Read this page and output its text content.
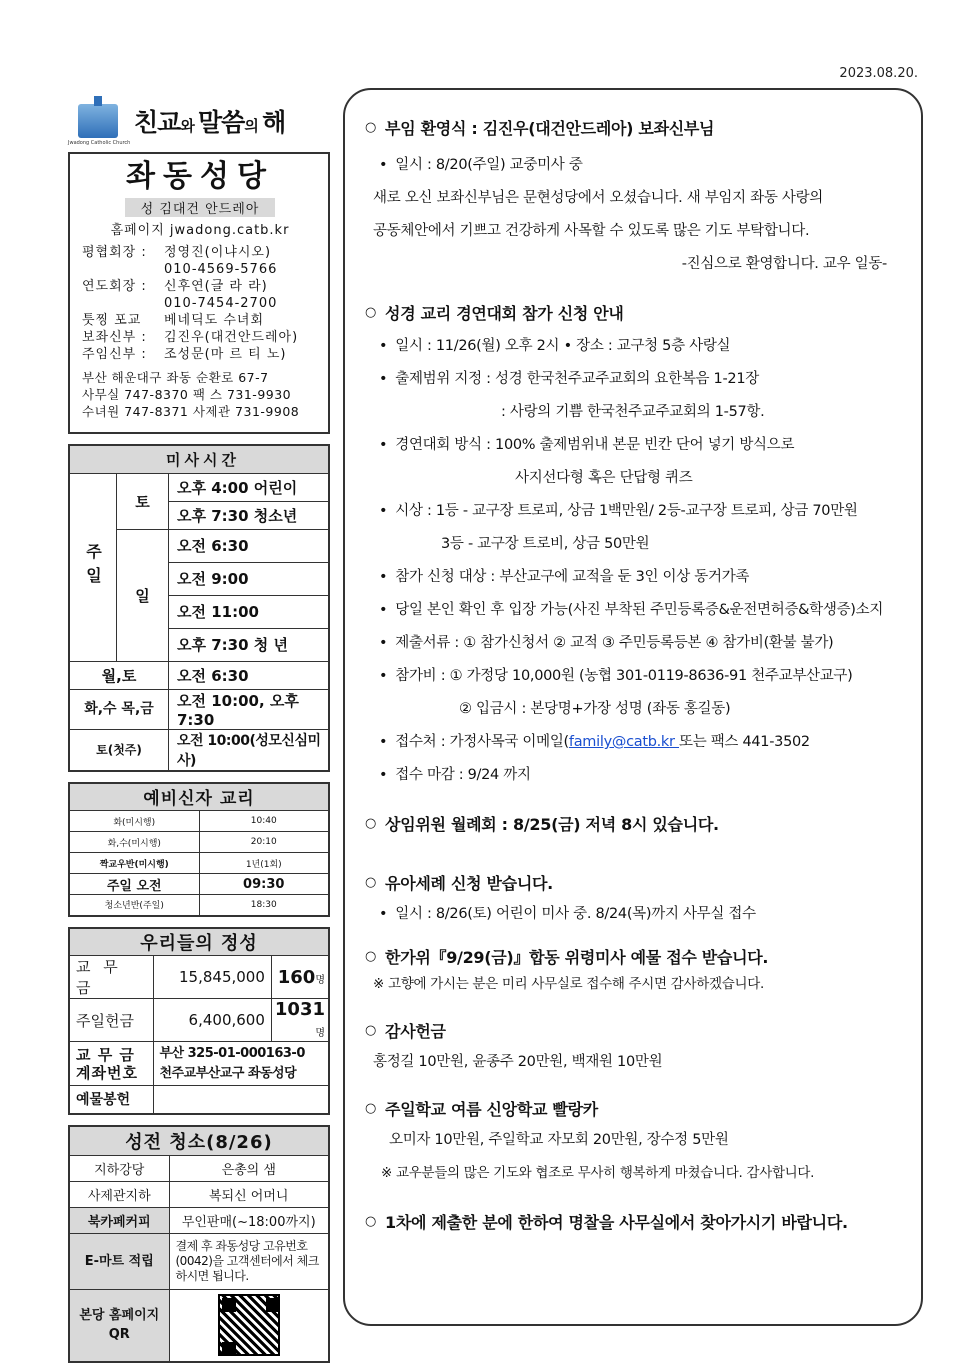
2023.08.20.
Jwadong Catholic Church
친교와 말씀의 해
좌동성당
성 김대건 안드레아
홈페이지 jwadong.catb.kr
평협회장 :	정영진(이냐시오)
010-4569-5766
연도회장 :	신후연(글 라 라)
010-7454-2700
툿찡 포교	베네딕도 수녀회
보좌신부 :	김진우(대건안드레아)
주임신부 :	조성문(마 르 티 노)
부산 해운대구 좌동 순환로 67-7
사무실 747-8370 팩 스 731-9930
수녀원 747-8371 사제관 731-9908
미사시간		
주일	토	오후 4:00 어린이
		오후 7:30 청소년
	일	오전 6:30
		오전 9:00
		오전 11:00
		오후 7:30 청 년
월,토		오전 6:30
화,수 목,금		오전 10:00, 오후 7:30
토(첫주)		오전 10:00(성모신심미사)
예비신자 교리	
화(미시행)	10:40
화,수(미시행)	20:10
짝교우반(미시행)	1년(1회)
주일 오전	09:30
청소년반(주일)	18:30
우리들의 정성		
교 무 금	15,845,000	160명
주일헌금	6,400,600	1031명
교 무 금 계좌번호	부산 325-01-000163-0
천주교부산교구 좌동성당	

예물봉헌		
성전 청소(8/26)	
지하강당	은총의 샘
사제관지하	복되신 어머니
북카페커피	무인판매(~18:00까지)
E-마트 적립	결제 후 좌동성당 고유번호(0042)을 고객센터에서 체크하시면 됩니다.
본당 홈페이지 QR	
○ 부임 환영식 : 김진우(대건안드레아) 보좌신부님
• 일시 : 8/20(주일) 교중미사 중
새로 오신 보좌신부님은 문현성당에서 오셨습니다. 새 부임지 좌동 사랑의
공동체안에서 기쁘고 건강하게 사목할 수 있도록 많은 기도 부탁합니다.
-진심으로 환영합니다. 교우 일동-
○ 성경 교리 경연대회 참가 신청 안내
• 일시 : 11/26(월) 오후 2시 • 장소 : 교구청 5층 사랑실
• 출제범위 지정 : 성경 한국천주교주교회의 요한복음 1-21장
: 사랑의 기쁨 한국천주교주교회의 1-57항.
• 경연대회 방식 : 100% 출제범위내 본문 빈칸 단어 넣기 방식으로
사지선다형 혹은 단답형 퀴즈
• 시상 : 1등 - 교구장 트로피, 상금 1백만원/ 2등-교구장 트로피, 상금 70만원
3등 - 교구장 트로비, 상금 50만원
• 참가 신청 대상 : 부산교구에 교적을 둔 3인 이상 동거가족
• 당일 본인 확인 후 입장 가능(사진 부착된 주민등록증&운전면허증&학생증)소지
• 제출서류 : ① 참가신청서 ② 교적 ③ 주민등록등본 ④ 참가비(환불 불가)
• 참가비 : ① 가정당 10,000원 (농협 301-0119-8636-91 천주교부산교구)
② 입금시 : 본당명+가장 성명 (좌동 홍길동)
• 접수처 : 가정사목국 이메일(family@catb.kr 또는 팩스 441-3502
• 접수 마감 : 9/24 까지
○ 상임위원 월례회 : 8/25(금) 저녁 8시 있습니다.
○ 유아세례 신청 받습니다.
• 일시 : 8/26(토) 어린이 미사 중. 8/24(목)까지 사무실 접수
○ 한가위『9/29(금)』합동 위령미사 예물 접수 받습니다.
※ 고향에 가시는 분은 미리 사무실로 접수해 주시면 감사하겠습니다.
○ 감사헌금
홍정길 10만원, 윤종주 20만원, 백재원 10만원
○ 주일학교 여름 신앙학교 빨랑카
오미자 10만원, 주일학교 자모회 20만원, 장수정 5만원
※ 교우분들의 많은 기도와 협조로 무사히 행복하게 마쳤습니다. 감사합니다.
○ 1차에 제출한 분에 한하여 명찰을 사무실에서 찾아가시기 바랍니다.
